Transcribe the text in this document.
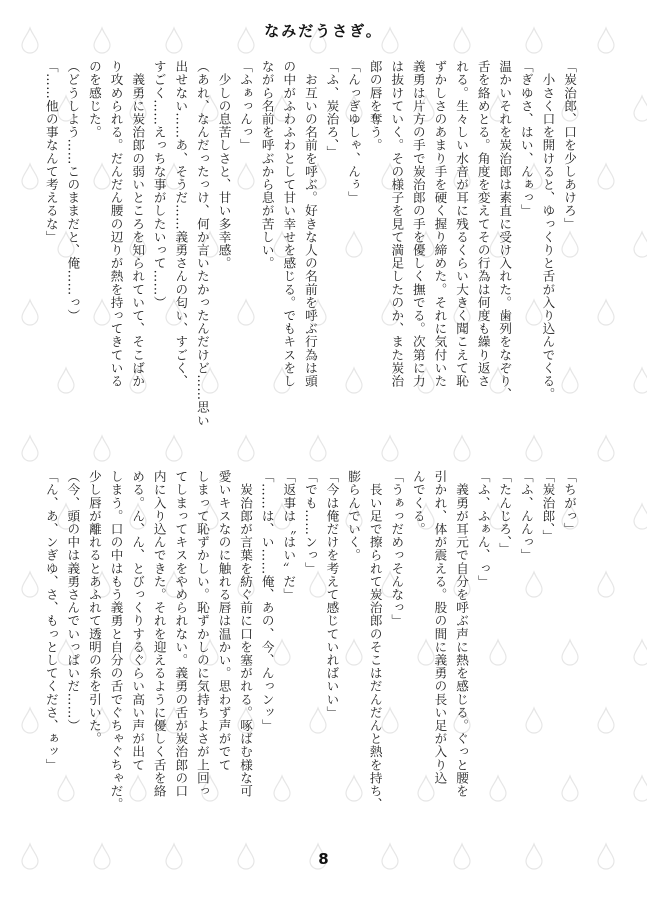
なみだうさぎ。
「炭治郎、口を少しあけろ」
　小さく口を開けると、ゆっくりと舌が入り込んでくる。
「ぎゆさ、はい、んぁっ」
温かいそれを炭治郎は素直に受け入れた。歯列をなぞり、
舌を絡めとる。角度を変えてその行為は何度も繰り返さ
れる。生々しい水音が耳に残るくらい大きく聞こえて恥
ずかしさのあまり手を硬く握り締めた。それに気付いた
義勇は片方の手で炭治郎の手を優しく撫でる。次第に力
は抜けていく。その様子を見て満足したのか、また炭治
郎の唇を奪う。
「んっぎゆしゃ、んぅ」
「ふ、炭治ろ、」
　お互いの名前を呼ぶ。好きな人の名前を呼ぶ行為は頭
の中がふわふわとして甘い幸せを感じる。でもキスをし
ながら名前を呼ぶから息が苦しい。
「ふぁっんっ」
　少しの息苦しさと、甘い多幸感。
（あれ、なんだったっけ、何か言いたかったんだけど……思い
出せない……あ、そうだ……義勇さんの匂い、すごく、
すごく……えっちな事がしたいって……）
　義勇に炭治郎の弱いところを知られていて、そこばか
り攻められる。だんだん腰の辺りが熱を持ってきている
のを感じた。
（どうしよう……このままだと、俺……っ）
「……他の事なんて考えるな」
「ちがっ」
「炭治郎、」
「ふ、んんっ」
「たんじろ、」
「ふ、ふぁん、っ」
　義勇が耳元で自分を呼ぶ声に熱を感じる。ぐっと腰を
引かれ、体が震える。股の間に義勇の長い足が入り込
んでくる。
「うぁっだめっそんなっ」
　長い足で擦られて炭治郎のそこはだんだんと熱を持ち、
膨らんでいく。
「今は俺だけを考えて感じていればいい」
「でも……ンっ」
「返事は〝はい〟だ」
「……は、い……俺、あの、今、んっンッ」
　炭治郎が言葉を紡ぐ前に口を塞がれる。啄ばむ様な可
愛いキスなのに触れる唇は温かい。思わず声がでて
しまって恥ずかしい。恥ずかしのに気持ちよさが上回っ
てしまってキスをやめられない。義勇の舌が炭治郎の口
内に入り込んできた。それを迎えるように優しく舌を絡
める。ん、ん、とびっくりするぐらい高い声が出て
しまう。口の中はもう義勇と自分の舌でぐちゃぐちゃだ。
少し唇が離れるとあふれて透明の糸を引いた。
（今、頭の中は義勇さんでいっぱいだ……）
「ん、あ、ンぎゆ、さ、もっとしてくださ、ぁッ」
8
